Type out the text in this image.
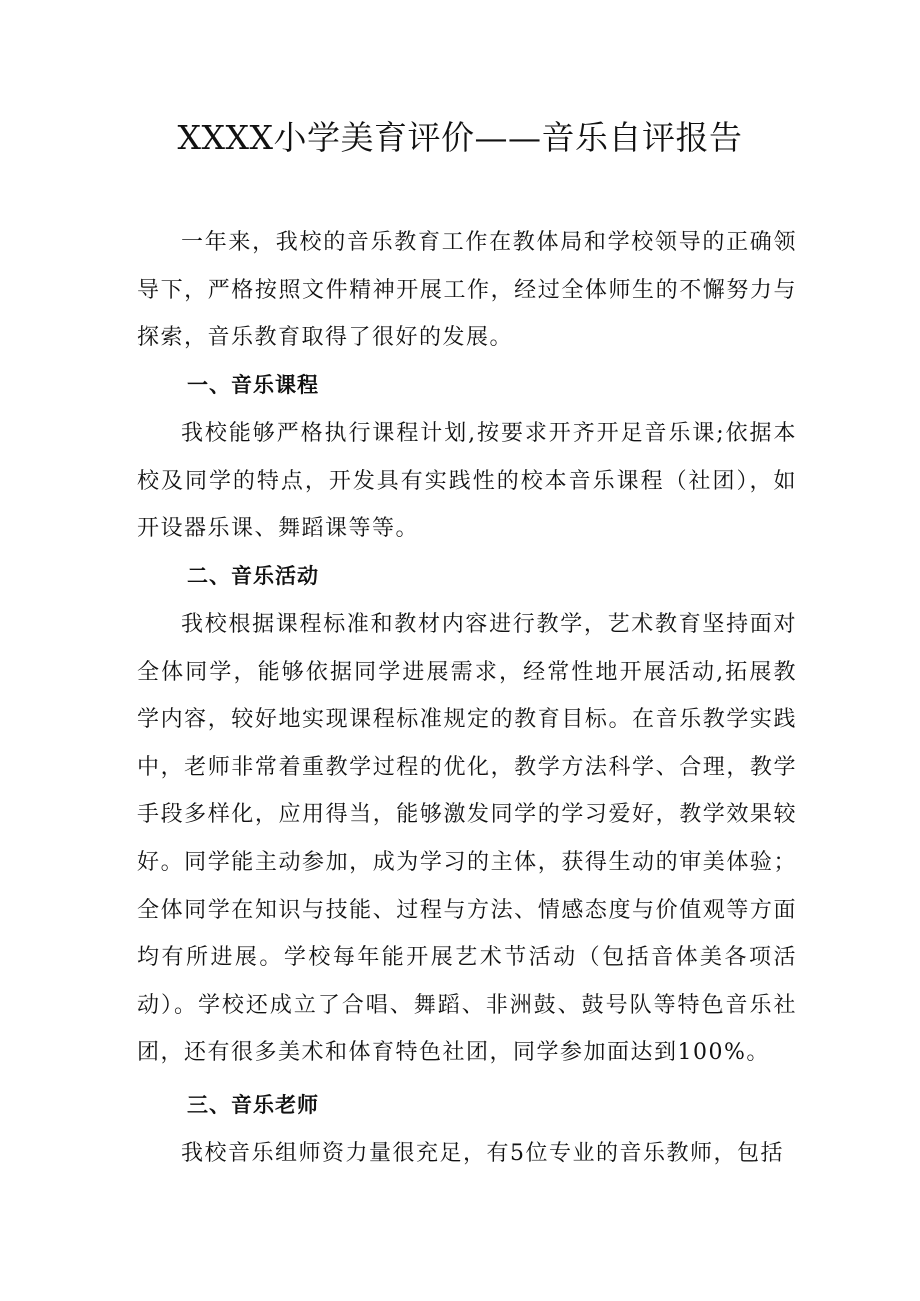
XXXX小学美育评价——音乐自评报告

一年来，我校的音乐教育工作在教体局和学校领导的正确领导下，严格按照文件精神开展工作，经过全体师生的不懈努力与探索，音乐教育取得了很好的发展。

一、音乐课程

我校能够严格执行课程计划,按要求开齐开足音乐课;依据本校及同学的特点，开发具有实践性的校本音乐课程（社团），如开设器乐课、舞蹈课等等。

二、音乐活动

我校根据课程标准和教材内容进行教学，艺术教育坚持面对全体同学，能够依据同学进展需求，经常性地开展活动,拓展教学内容，较好地实现课程标准规定的教育目标。在音乐教学实践中，老师非常着重教学过程的优化，教学方法科学、合理，教学手段多样化，应用得当，能够激发同学的学习爱好，教学效果较好。同学能主动参加，成为学习的主体，获得生动的审美体验；全体同学在知识与技能、过程与方法、情感态度与价值观等方面均有所进展。学校每年能开展艺术节活动（包括音体美各项活动）。学校还成立了合唱、舞蹈、非洲鼓、鼓号队等特色音乐社团，还有很多美术和体育特色社团，同学参加面达到100%。

三、音乐老师

我校音乐组师资力量很充足，有5位专业的音乐教师，包括
